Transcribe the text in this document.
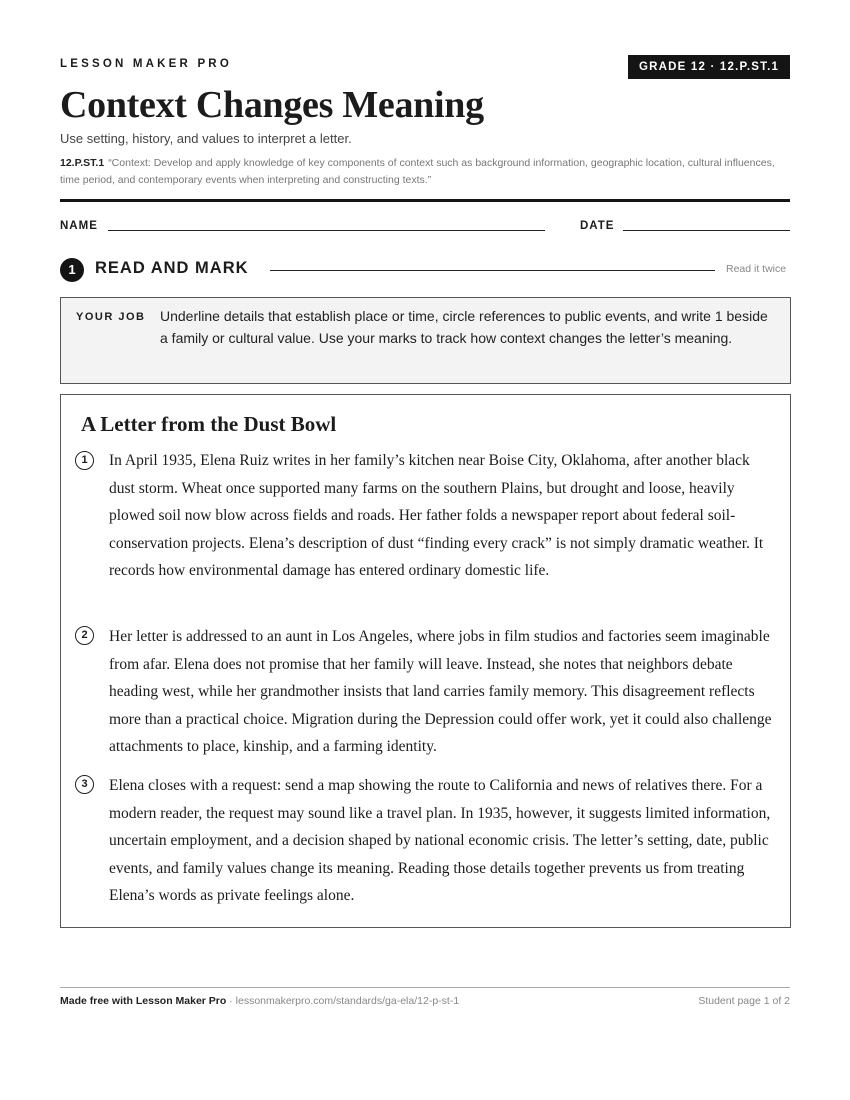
LESSON MAKER PRO	GRADE 12 · 12.P.ST.1
Context Changes Meaning
Use setting, history, and values to interpret a letter.
12.P.ST.1 “Context: Develop and apply knowledge of key components of context such as background information, geographic location, cultural influences, time period, and contemporary events when interpreting and constructing texts.”
NAME	DATE
1	READ AND MARK	Read it twice
YOUR JOB Underline details that establish place or time, circle references to public events, and write 1 beside a family or cultural value. Use your marks to track how context changes the letter’s meaning.
A Letter from the Dust Bowl
1	In April 1935, Elena Ruiz writes in her family’s kitchen near Boise City, Oklahoma, after another black dust storm. Wheat once supported many farms on the southern Plains, but drought and loose, heavily plowed soil now blow across fields and roads. Her father folds a newspaper report about federal soil-conservation projects. Elena’s description of dust “finding every crack” is not simply dramatic weather. It records how environmental damage has entered ordinary domestic life.

2	Her letter is addressed to an aunt in Los Angeles, where jobs in film studios and factories seem imaginable from afar. Elena does not promise that her family will leave. Instead, she notes that neighbors debate heading west, while her grandmother insists that land carries family memory. This disagreement reflects more than a practical choice. Migration during the Depression could offer work, yet it could also challenge attachments to place, kinship, and a farming identity.

3	Elena closes with a request: send a map showing the route to California and news of relatives there. For a modern reader, the request may sound like a travel plan. In 1935, however, it suggests limited information, uncertain employment, and a decision shaped by national economic crisis. The letter’s setting, date, public events, and family values change its meaning. Reading those details together prevents us from treating Elena’s words as private feelings alone.

Made free with Lesson Maker Pro · lessonmakerpro.com/standards/ga-ela/12-p-st-1	Student page 1 of 2
